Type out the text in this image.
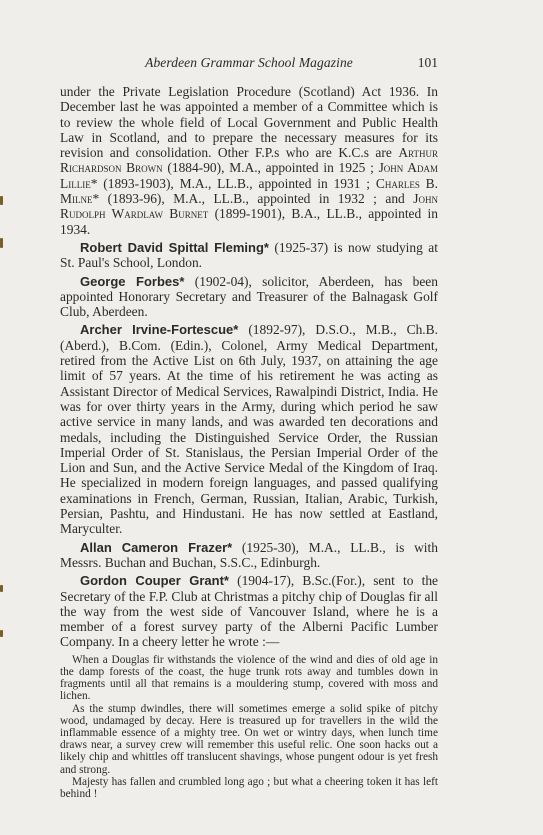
Aberdeen Grammar School Magazine	101

under the Private Legislation Procedure (Scotland) Act 1936. In December last he was appointed a member of a Committee which is to review the whole field of Local Government and Public Health Law in Scotland, and to prepare the necessary measures for its revision and consolidation. Other F.P.s who are K.C.s are Arthur Richardson Brown (1884-90), M.A., appointed in 1925 ; John Adam Lillie* (1893-1903), M.A., LL.B., appointed in 1931 ; Charles B. Milne* (1893-96), M.A., LL.B., appointed in 1932 ; and John Rudolph Wardlaw Burnet (1899-1901), B.A., LL.B., appointed in 1934.

Robert David Spittal Fleming* (1925-37) is now studying at St. Paul's School, London.

George Forbes* (1902-04), solicitor, Aberdeen, has been appointed Honorary Secretary and Treasurer of the Balnagask Golf Club, Aberdeen.

Archer Irvine-Fortescue* (1892-97), D.S.O., M.B., Ch.B. (Aberd.), B.Com. (Edin.), Colonel, Army Medical Department, retired from the Active List on 6th July, 1937, on attaining the age limit of 57 years. At the time of his retirement he was acting as Assistant Director of Medical Services, Rawalpindi District, India. He was for over thirty years in the Army, during which period he saw active service in many lands, and was awarded ten decorations and medals, including the Distinguished Service Order, the Russian Imperial Order of St. Stanislaus, the Persian Imperial Order of the Lion and Sun, and the Active Service Medal of the Kingdom of Iraq. He specialized in modern foreign languages, and passed qualifying examinations in French, German, Russian, Italian, Arabic, Turkish, Persian, Pashtu, and Hindustani. He has now settled at Eastland, Maryculter.

Allan Cameron Frazer* (1925-30), M.A., LL.B., is with Messrs. Buchan and Buchan, S.S.C., Edinburgh.

Gordon Couper Grant* (1904-17), B.Sc.(For.), sent to the Secretary of the F.P. Club at Christmas a pitchy chip of Douglas fir all the way from the west side of Vancouver Island, where he is a member of a forest survey party of the Alberni Pacific Lumber Company. In a cheery letter he wrote :—

When a Douglas fir withstands the violence of the wind and dies of old age in the damp forests of the coast, the huge trunk rots away and tumbles down in fragments until all that remains is a mouldering stump, covered with moss and lichen.

As the stump dwindles, there will sometimes emerge a solid spike of pitchy wood, undamaged by decay. Here is treasured up for travellers in the wild the inflammable essence of a mighty tree. On wet or wintry days, when lunch time draws near, a survey crew will remember this useful relic. One soon hacks out a likely chip and whittles off translucent shavings, whose pungent odour is yet fresh and strong.

Majesty has fallen and crumbled long ago ; but what a cheering token it has left behind !
